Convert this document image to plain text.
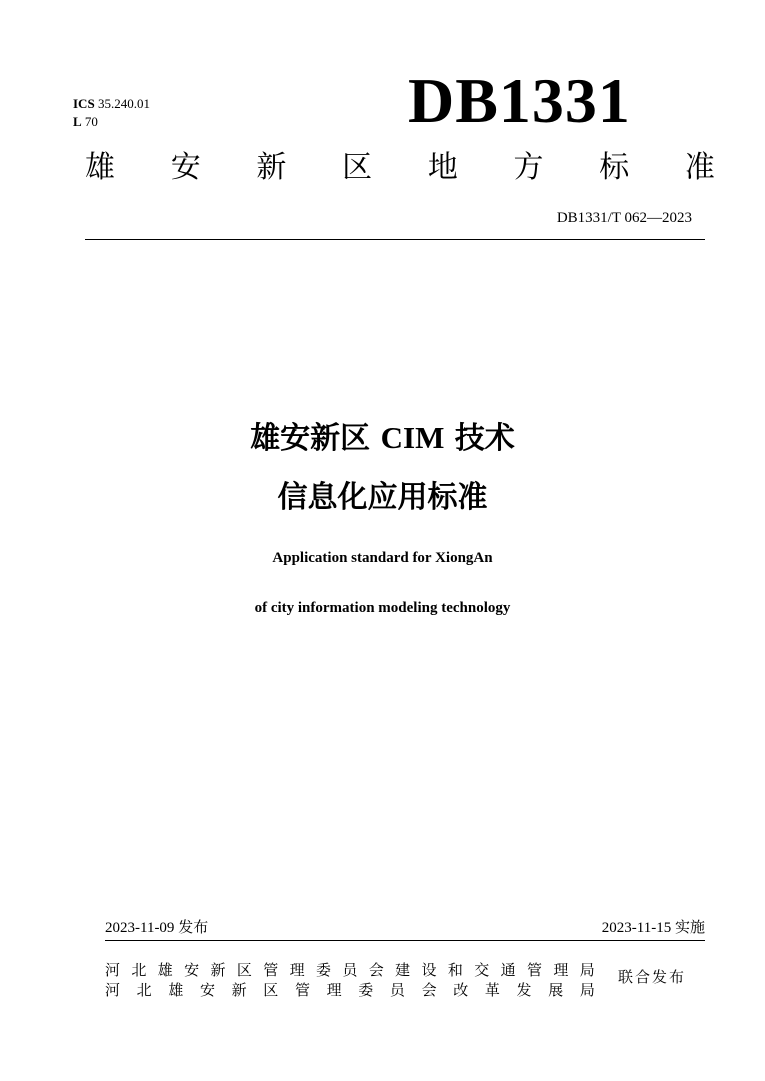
ICS 35.240.01
L 70	DB1331
雄 安 新 区 地 方 标 准
DB1331/T 062—2023
雄安新区 CIM 技术
信息化应用标准
Application standard for XiongAn
of city information modeling technology
2023-11-09 发布	2023-11-15 实施
河 北 雄 安 新 区 管 理 委 员 会 建 设 和 交 通 管 理 局
河 北 雄 安 新 区 管 理 委 员 会 改 革 发 展 局
联合发布
